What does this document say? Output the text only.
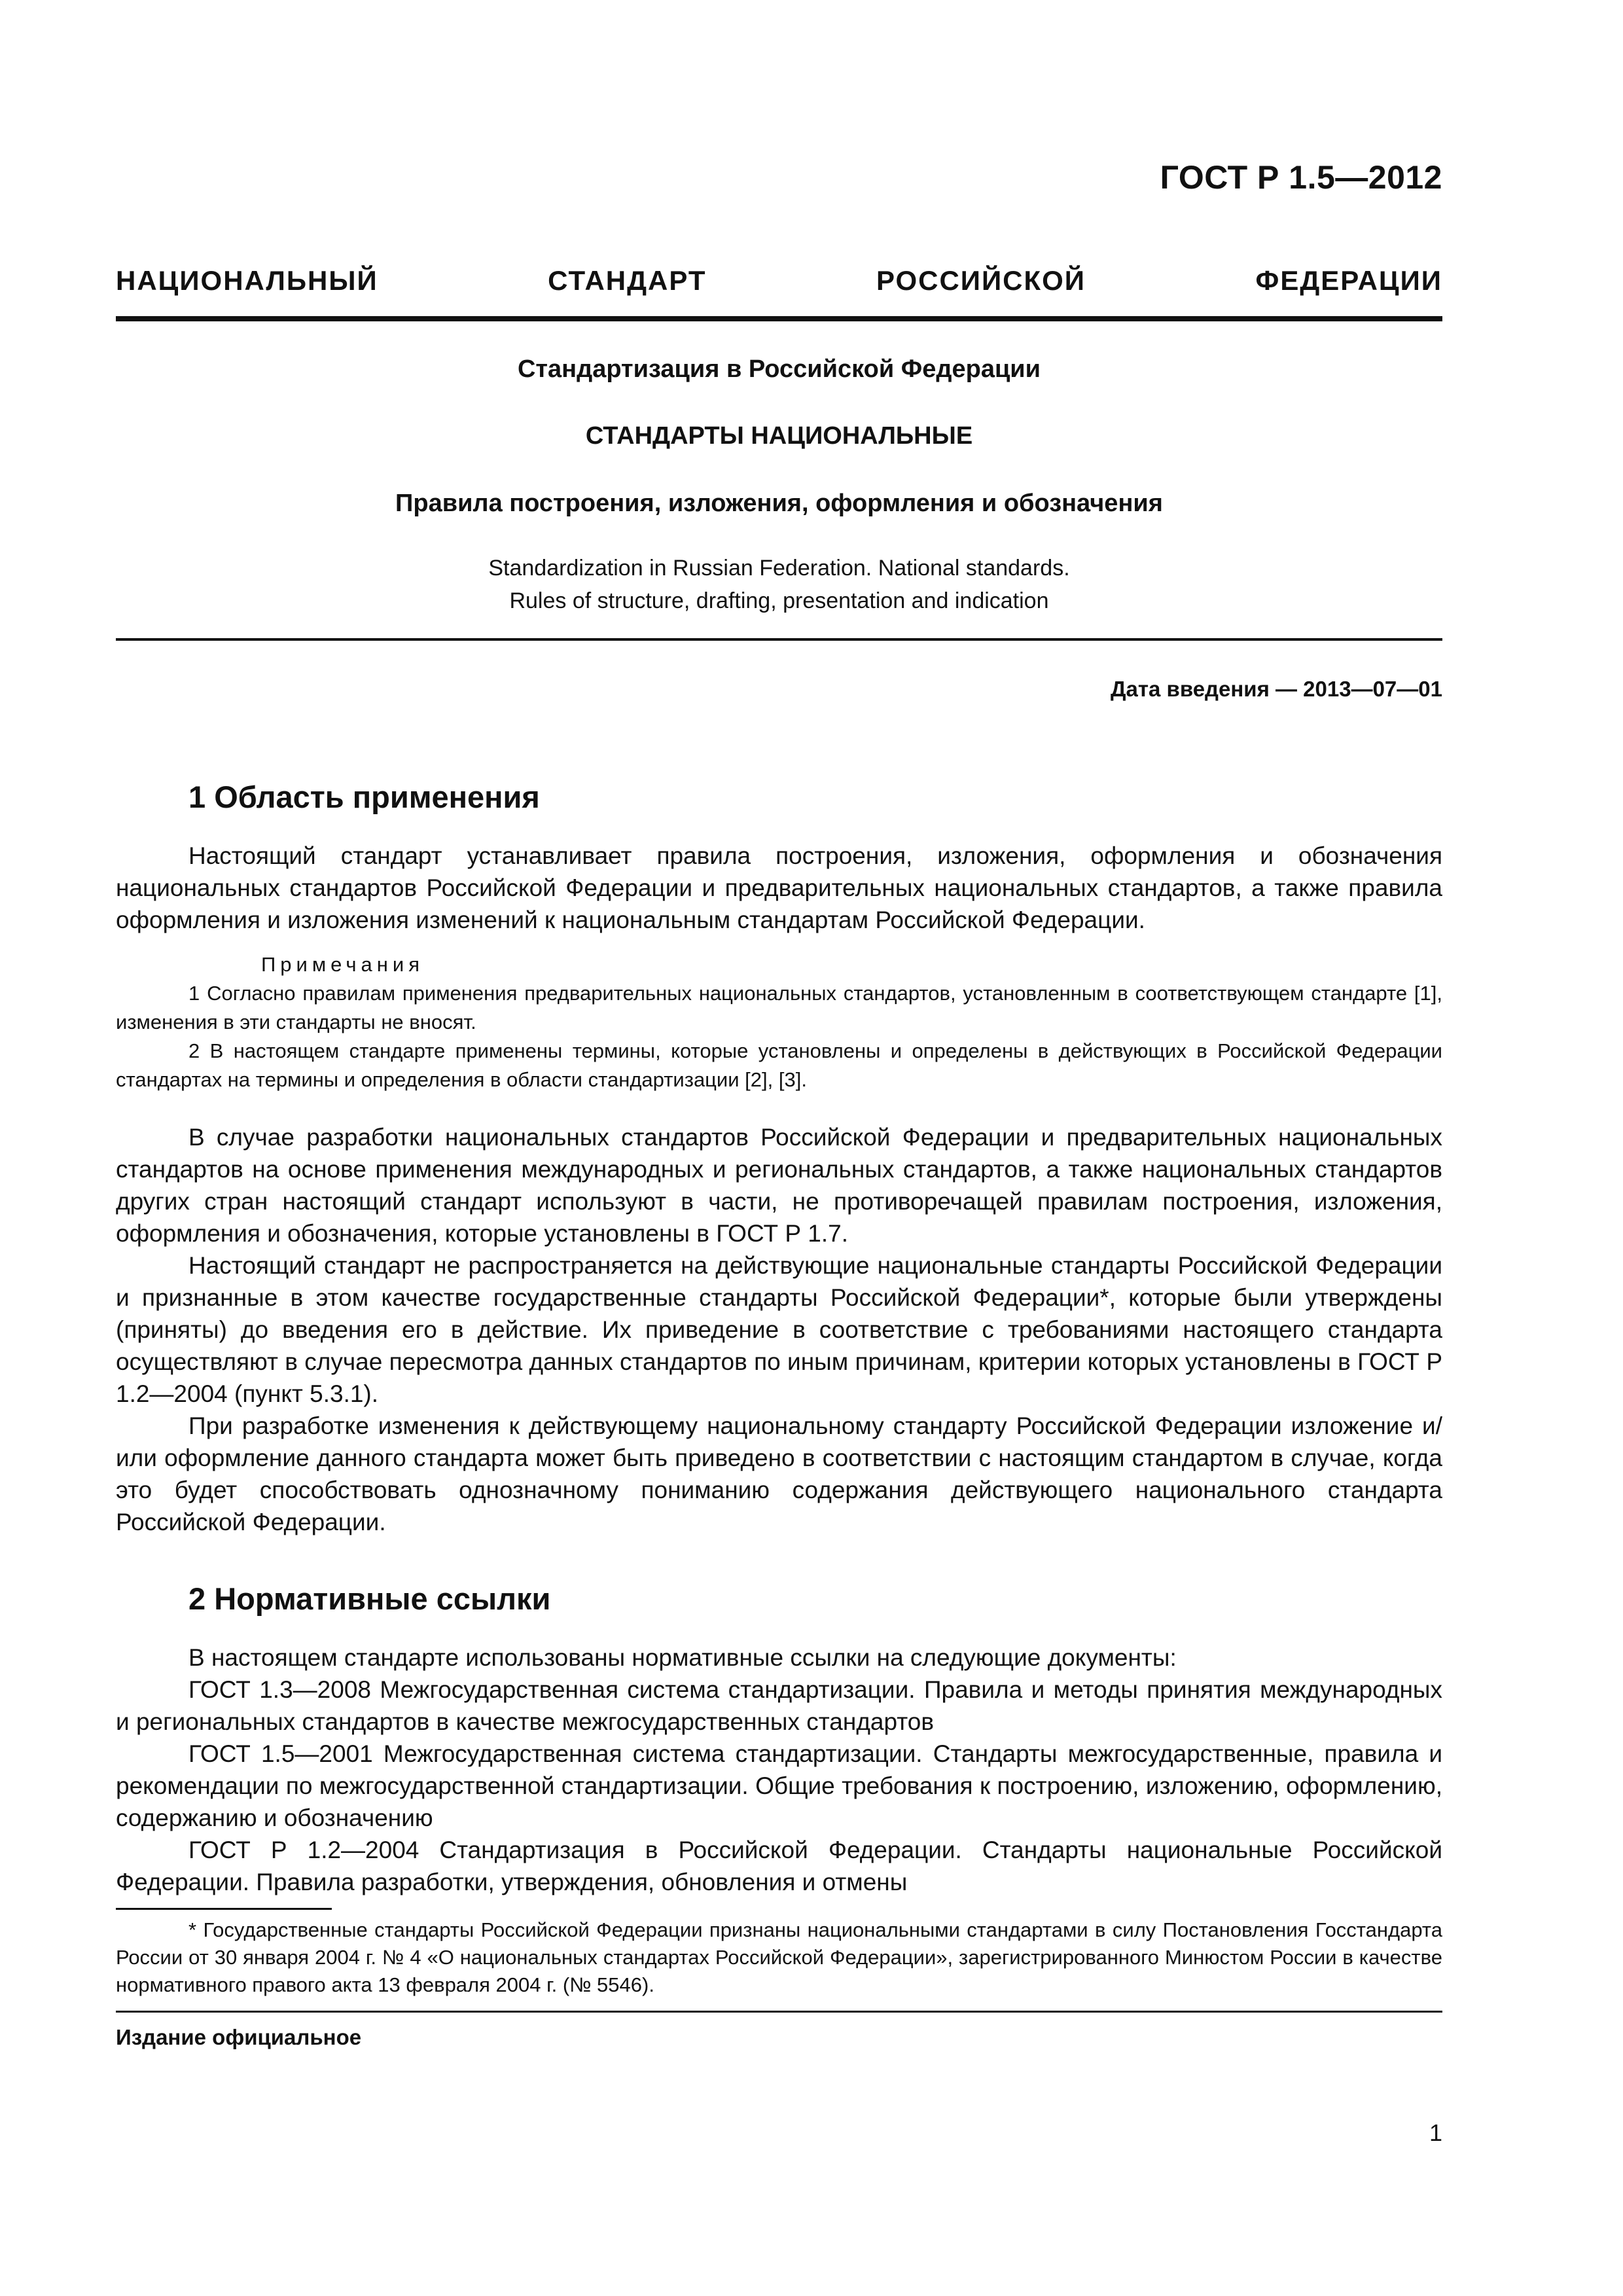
ГОСТ Р 1.5—2012
НАЦИОНАЛЬНЫЙ СТАНДАРТ РОССИЙСКОЙ ФЕДЕРАЦИИ
Стандартизация в Российской Федерации
СТАНДАРТЫ НАЦИОНАЛЬНЫЕ
Правила построения, изложения, оформления и обозначения
Standardization in Russian Federation. National standards.
Rules of structure, drafting, presentation and indication
Дата введения — 2013—07—01
1 Область применения

Настоящий стандарт устанавливает правила построения, изложения, оформления и обозначения национальных стандартов Российской Федерации и предварительных национальных стандартов, а также правила оформления и изложения изменений к национальным стандартам Российской Федерации.

Примечания

1 Согласно правилам применения предварительных национальных стандартов, установленным в соответствующем стандарте [1], изменения в эти стандарты не вносят.

2 В настоящем стандарте применены термины, которые установлены и определены в действующих в Российской Федерации стандартах на термины и определения в области стандартизации [2], [3].

В случае разработки национальных стандартов Российской Федерации и предварительных национальных стандартов на основе применения международных и региональных стандартов, а также национальных стандартов других стран настоящий стандарт используют в части, не противоречащей правилам построения, изложения, оформления и обозначения, которые установлены в ГОСТ Р 1.7.

Настоящий стандарт не распространяется на действующие национальные стандарты Российской Федерации и признанные в этом качестве государственные стандарты Российской Федерации*, которые были утверждены (приняты) до введения его в действие. Их приведение в соответствие с требованиями настоящего стандарта осуществляют в случае пересмотра данных стандартов по иным причинам, критерии которых установлены в ГОСТ Р 1.2—2004 (пункт 5.3.1).

При разработке изменения к действующему национальному стандарту Российской Федерации изложение и/или оформление данного стандарта может быть приведено в соответствии с настоящим стандартом в случае, когда это будет способствовать однозначному пониманию содержания действующего национального стандарта Российской Федерации.

2 Нормативные ссылки

В настоящем стандарте использованы нормативные ссылки на следующие документы:

ГОСТ 1.3—2008 Межгосударственная система стандартизации. Правила и методы принятия международных и региональных стандартов в качестве межгосударственных стандартов

ГОСТ 1.5—2001 Межгосударственная система стандартизации. Стандарты межгосударственные, правила и рекомендации по межгосударственной стандартизации. Общие требования к построению, изложению, оформлению, содержанию и обозначению

ГОСТ Р 1.2—2004 Стандартизация в Российской Федерации. Стандарты национальные Российской Федерации. Правила разработки, утверждения, обновления и отмены

* Государственные стандарты Российской Федерации признаны национальными стандартами в силу Постановления Госстандарта России от 30 января 2004 г. № 4 «О национальных стандартах Российской Федерации», зарегистрированного Минюстом России в качестве нормативного правого акта 13 февраля 2004 г. (№ 5546).

Издание официальное
1
